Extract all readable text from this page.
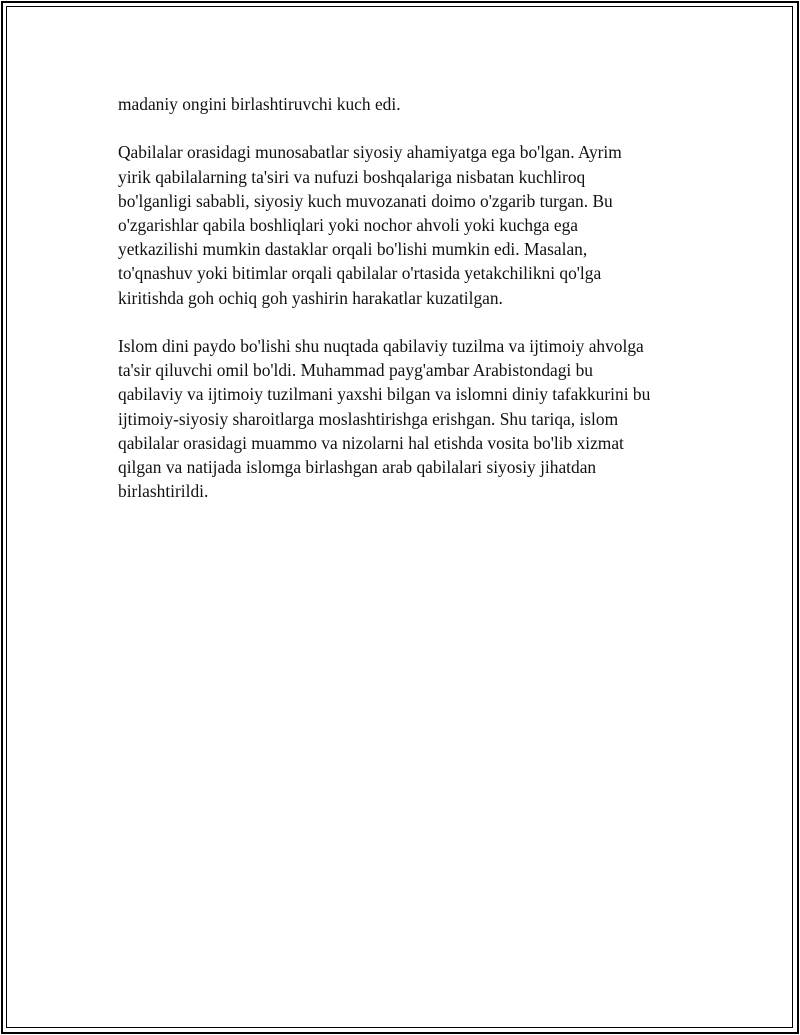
madaniy ongini birlashtiruvchi kuch edi.

Qabilalar orasidagi munosabatlar siyosiy ahamiyatga ega bo'lgan. Ayrim
yirik qabilalarning ta'siri va nufuzi boshqalariga nisbatan kuchliroq
bo'lganligi sababli, siyosiy kuch muvozanati doimo o'zgarib turgan. Bu
o'zgarishlar qabila boshliqlari yoki nochor ahvoli yoki kuchga ega
yetkazilishi mumkin dastaklar orqali bo'lishi mumkin edi. Masalan,
to'qnashuv yoki bitimlar orqali qabilalar o'rtasida yetakchilikni qo'lga
kiritishda goh ochiq goh yashirin harakatlar kuzatilgan.

Islom dini paydo bo'lishi shu nuqtada qabilaviy tuzilma va ijtimoiy ahvolga
ta'sir qiluvchi omil bo'ldi. Muhammad payg'ambar Arabistondagi bu
qabilaviy va ijtimoiy tuzilmani yaxshi bilgan va islomni diniy tafakkurini bu
ijtimoiy-siyosiy sharoitlarga moslashtirishga erishgan. Shu tariqa, islom
qabilalar orasidagi muammo va nizolarni hal etishda vosita bo'lib xizmat
qilgan va natijada islomga birlashgan arab qabilalari siyosiy jihatdan
birlashtirildi.
